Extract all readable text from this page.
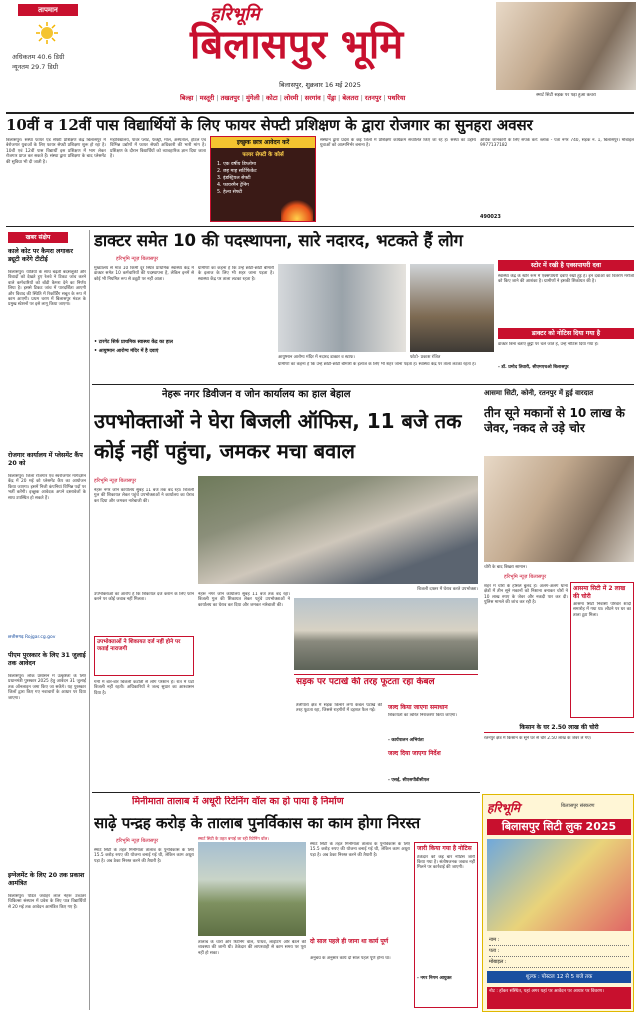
तापमान
अधिकतम 40.6 डिग्री
न्यूनतम 29.7 डिग्री
हरिभूमि
बिलासपुर भूमि
बिलासपुर, शुक्रवार 16 मई 2025
बिल्हा | मस्तूरी | तखतपुर | मुंगेली | कोटा | लोरमी | सरगांव | पेंड्रा | बेलतरा | रतनपुर | पथरिया	स्मार्ट सिटी सड़क पर पड़ा हुआ कचरा
10वीं व 12वीं पास विद्यार्थियों के लिए फायर सेफ्टी प्रशिक्षण के द्वारा रोजगार का सुनहरा अवसर
बिलासपुर। संस्था फायर एंड सेफ्टी प्रशिक्षण केंद्र बिलासपुर में बेरोजगार युवाओं के लिए फायर सेफ्टी प्रशिक्षण शुरू हो रहा है। 10वीं एवं 12वीं पास विद्यार्थी इस प्रशिक्षण में भाग लेकर रोजगार प्राप्त कर सकते हैं। संस्था द्वारा प्रशिक्षण के बाद प्लेसमेंट की सुविधा भी दी जाती है।
महाविद्यालय, पावर प्लांट, फैक्ट्री, मॉल, अस्पताल, होटल एवं विभिन्न उद्योगों में फायर सेफ्टी अधिकारी की भारी मांग है। प्रशिक्षण के दौरान विद्यार्थियों को व्यावहारिक ज्ञान दिया जाता है।
इच्छुक छात्र आवेदन करें
फायर सेफ्टी के कोर्स
1. एक वर्षीय डिप्लोमा
2. छह माह सर्टिफिकेट
3. इंडस्ट्रियल सेफ्टी
4. फायरमैन ट्रेनिंग
5. हेल्थ सेफ्टी
संस्थान द्वारा प्रदेश के कई जिलों में प्रशिक्षण कार्यक्रम संचालित किए जा रहे हैं। संस्था का उद्देश्य युवाओं को आत्मनिर्भर बनाना है।
अधिक जानकारी के लिए संपर्क करें: ब्लॉक - पता नगर 740, सड़क नं. 1, बिलासपुर। मोबाइल 9977137182
490023
खबर संक्षेप
काले कोट पर कैमरा लगाकर ड्यूटी करेंगे टीटीई
बिलासपुर। यात्रियों के साथ बढ़ती बदसलूकी और विवादों को देखते हुए रेलवे ने टिकट जांच करने वाले कर्मचारियों को बॉडी कैमरा देने का निर्णय लिया है। इससे टिकट जांच में पारदर्शिता आएगी और विवाद की स्थिति में रिकॉर्डिंग सबूत के रूप में काम आएगी। प्रथम चरण में बिलासपुर मंडल के प्रमुख स्टेशनों पर इसे लागू किया जाएगा।
रोजगार कार्यालय में प्लेसमेंट कैंप 20 को
बिलासपुर। जिला रोजगार एवं स्वरोजगार मार्गदर्शन केंद्र में 20 मई को प्लेसमेंट कैंप का आयोजन किया जाएगा। इसमें निजी कंपनियां विभिन्न पदों पर भर्ती करेंगी। इच्छुक आवेदक अपने दस्तावेजों के साथ उपस्थित हो सकते हैं।
छत्तीसगढ़ Rojgar.cg.gov
पीएम पुरस्कार के लिए 31 जुलाई तक आवेदन
बिलासपुर। लोक प्रशासन में उत्कृष्टता के लिए प्रधानमंत्री पुरस्कार 2025 हेतु आवेदन 31 जुलाई तक ऑनलाइन जमा किए जा सकेंगे। यह पुरस्कार जिलों द्वारा किए गए नवाचारों के आधार पर दिया जाएगा।
इग्नेलमेंट के लिए 20 तक प्रकाश आमंत्रित
बिलासपुर। पंडित जवाहर लाल नेहरू उच्चतर चिकित्सा संस्थान में प्रवेश के लिए पात्र विद्यार्थियों से 20 मई तक आवेदन आमंत्रित किए गए हैं।
डाक्टर समेत 10 की पदस्थापना, सारे नदारद, भटकते हैं लोग
हरिभूमि न्यूज़ बिलासपुर
मुख्यालय से मात्र 10 किमी दूर स्थित प्राथमिक स्वास्थ्य केंद्र में डाक्टर समेत 10 कर्मचारियों की पदस्थापना है, लेकिन इनमें से कोई भी नियमित रूप से ड्यूटी पर नहीं आता।
• टारगेट सिर्फ प्राथमिक स्वास्थ्य केंद्र का हाल
• आयुष्मान आरोग्य मंदिर में है दवाएं
ग्रामीणों का कहना है कि उन्हें छोटी-छोटी बीमारी के इलाज के लिए भी शहर जाना पड़ता है। स्वास्थ्य केंद्र पर ताला लटका रहता है।
आयुष्मान आरोग्य मंदिर में नदारद डाक्टर व स्टाफ।	फोटो- प्रकाश रंजित
ग्रामीणों का कहना है कि उन्हें छोटी-छोटी बीमारी के इलाज के लिए भी शहर जाना पड़ता है। स्वास्थ्य केंद्र पर ताला लटका रहता है।
स्टोर में रखी है एक्सपायरी दवा
स्वास्थ्य केंद्र के स्टोर रूम में एक्सपायरी दवाएं रखी हुई हैं। इन दवाओं का वितरण मरीजों को किए जाने की आशंका है। ग्रामीणों ने इसकी शिकायत की है।
डाक्टर को नोटिस दिया गया है
डाक्टर बिना बताए छुट्टी पर चले जाते हैं, उन्हें नोटिस दिया गया है।
- डॉ. प्रमोद तिवारी, सीएमएचओ बिलासपुर
नेहरू नगर डिवीजन व जोन कार्यालय का हाल बेहाल
उपभोक्ताओं ने घेरा बिजली ऑफिस, 11 बजे तक कोई नहीं पहुंचा, जमकर मचा बवाल
हरिभूमि न्यूज़ बिलासपुर
नेहरू नगर जोन कार्यालय सुबह 11 बजे तक बंद रहा। बिजली गुल की शिकायत लेकर पहुंचे उपभोक्ताओं ने कार्यालय का घेराव कर दिया और जमकर नारेबाजी की।
बिजली दफ्तर में घेराव करते उपभोक्ता।
उपभोक्ताओं का आरोप है कि शिकायत दर्ज कराने के लिए फोन करने पर कोई जवाब नहीं मिलता।
उपभोक्ताओं ने शिकायत दर्ज नहीं होने पर जताई नाराजगी
गर्मी में बार-बार बिजली कटौती से लोग परेशान हैं। रात में घंटों बिजली नहीं रहती। अधिकारियों ने जल्द सुधार का आश्वासन दिया है।
नेहरू नगर जोन कार्यालय सुबह 11 बजे तक बंद रहा। बिजली गुल की शिकायत लेकर पहुंचे उपभोक्ताओं ने कार्यालय का घेराव कर दिया और जमकर नारेबाजी की।
सड़क पर पटाखे की तरह फूटता रहा केबल
तेलीपारा क्षेत्र में सड़क किनारे लगा केबल पटाखे की तरह फूटता रहा, जिससे राहगीरों में दहशत फैल गई।	जल्द किया जाएगा समाधान
शिकायतों का त्वरित निराकरण किया जाएगा।
- कार्यपालन अभियंता
जल्द दिया जाएगा निर्देश
- एसई, सीएसपीडीसीएल
आसमा सिटी, कोनी, रतनपुर में हुई वारदात
तीन सूने मकानों से 10 लाख के जेवर, नकद ले उड़े चोर
चोरी के बाद बिखरा सामान।
हरिभूमि न्यूज़ बिलासपुर
शहर में चोरों के हौसले बुलंद हैं। अलग-अलग थाना क्षेत्रों में तीन सूने मकानों को निशाना बनाकर चोरों ने 10 लाख रुपए के जेवर और नकदी पार कर दी। पुलिस मामले की जांच कर रही है।
आसमा सिटी में 2 लाख की चोरी
आसमा सिटी निवासी परिवार शादी समारोह में गया था। लौटने पर घर का ताला टूटा मिला।
किसान के घर 2.50 लाख की चोरी
रतनपुर क्षेत्र में किसान के सूने घर से चोर 2.50 लाख के जेवर ले गए।
मिनीमाता तालाब में अधूरी रिटेनिंग वॉल का हो पाया है निर्माण
साढ़े पन्द्रह करोड़ के तालाब पुनर्विकास का काम होगा निरस्त
हरिभूमि न्यूज़ बिलासपुर
स्मार्ट सिटी के तहत मिनीमाता तालाब के पुनर्विकास के लिए 15.5 करोड़ रुपए की योजना बनाई गई थी, लेकिन काम अधूरा पड़ा है। अब ठेका निरस्त करने की तैयारी है।
स्मार्ट सिटी के तहत बनाई जा रही रिटेनिंग वॉल।
तालाब के चारों ओर रिटेनिंग वॉल, पाथवे, लाइटिंग और बैठने की व्यवस्था की जानी थी। ठेकेदार की लापरवाही से काम समय पर पूरा नहीं हो सका।
स्मार्ट सिटी के तहत मिनीमाता तालाब के पुनर्विकास के लिए 15.5 करोड़ रुपए की योजना बनाई गई थी, लेकिन काम अधूरा पड़ा है। अब ठेका निरस्त करने की तैयारी है।
दो साल पहले ही जाना था कार्य पूर्ण
अनुबंध के अनुसार कार्य दो साल पहले पूर्ण होना था।
जारी किया गया है नोटिस
ठेकेदार को कई बार नोटिस जारी किया गया है। संतोषजनक जवाब नहीं मिलने पर कार्रवाई की जाएगी।
- नगर निगम आयुक्त
हरिभूमि	बिलासपुर संस्करण
बिलासपुर सिटी लुक 2025
नाम :
पता :
मोबाइल :
शुल्क : पोस्टल 12 से 5 बजे तक
नोट : हॉकर संस्थित, यहां अगर यहां पर आवेदन पर आधार पर विवरण।
